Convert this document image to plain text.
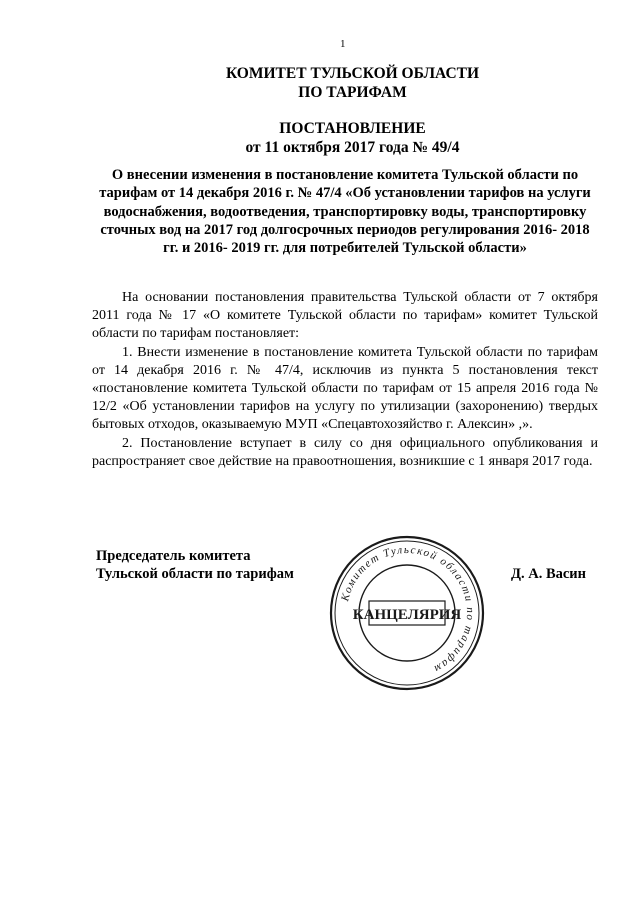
1
КОМИТЕТ ТУЛЬСКОЙ ОБЛАСТИ
ПО ТАРИФАМ
ПОСТАНОВЛЕНИЕ
от 11 октября 2017 года № 49/4
О внесении изменения в постановление комитета Тульской области по тарифам от 14 декабря 2016 г. № 47/4 «Об установлении тарифов на услуги водоснабжения, водоотведения, транспортировку воды, транспортировку сточных вод на 2017 год долгосрочных периодов регулирования 2016- 2018 гг. и 2016- 2019 гг. для потребителей Тульской области»

На основании постановления правительства Тульской области от 7 октября 2011 года № 17 «О комитете Тульской области по тарифам» комитет Тульской области по тарифам постановляет:

1. Внести изменение в постановление комитета Тульской области по тарифам от 14 декабря 2016 г. № 47/4, исключив из пункта 5 постановления текст «постановление комитета Тульской области по тарифам от 15 апреля 2016 года № 12/2 «Об установлении тарифов на услугу по утилизации (захоронению) твердых бытовых отходов, оказываемую МУП «Спецавтохозяйство г. Алексин» ,».

2. Постановление вступает в силу со дня официального опубликования и распространяет свое действие на правоотношения, возникшие с 1 января 2017 года.

Председатель комитета
Тульской области по тарифам	Д. А. Васин
Комитет Тульской области по тарифам
КАНЦЕЛЯРИЯ
